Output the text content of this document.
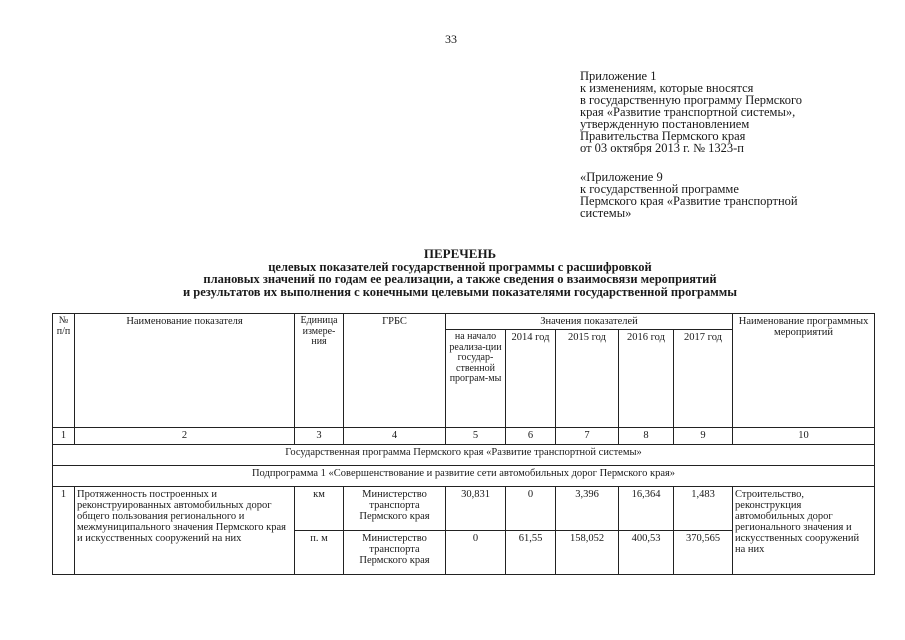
33
Приложение 1
к изменениям, которые вносятся
в государственную программу Пермского
края «Развитие транспортной системы»,
утвержденную постановлением
Правительства Пермского края
от 03 октября 2013 г. № 1323-п
«Приложение 9
к государственной программе
Пермского края «Развитие транспортной
системы»
ПЕРЕЧЕНЬ
целевых показателей государственной программы с расшифровкой
плановых значений по годам ее реализации, а также сведения о взаимосвязи мероприятий
и результатов их выполнения с конечными целевыми показателями государственной программы
№ п/п	Наименование показателя	Единица измере-ния	ГРБС	Значения показателей					Наименование программных мероприятий
				на начало реализа-ции государ-ственной програм-мы	2014 год	2015 год	2016 год	2017 год	
1	2	3	4	5	6	7	8	9	10
Государственная программа Пермского края «Развитие транспортной системы»									
Подпрограмма 1 «Совершенствование и развитие сети автомобильных дорог Пермского края»									
1	Протяженность построенных и реконструированных автомобильных дорог общего пользования регионального и межмуниципального значения Пермского края и искусственных сооружений на них	км	Министерство транспорта Пермского края	30,831	0	3,396	16,364	1,483	Строительство, реконструкция автомобильных дорог регионального значения и искусственных сооружений на них
		п. м	Министерство транспорта Пермского края	0	61,55	158,052	400,53	370,565	
